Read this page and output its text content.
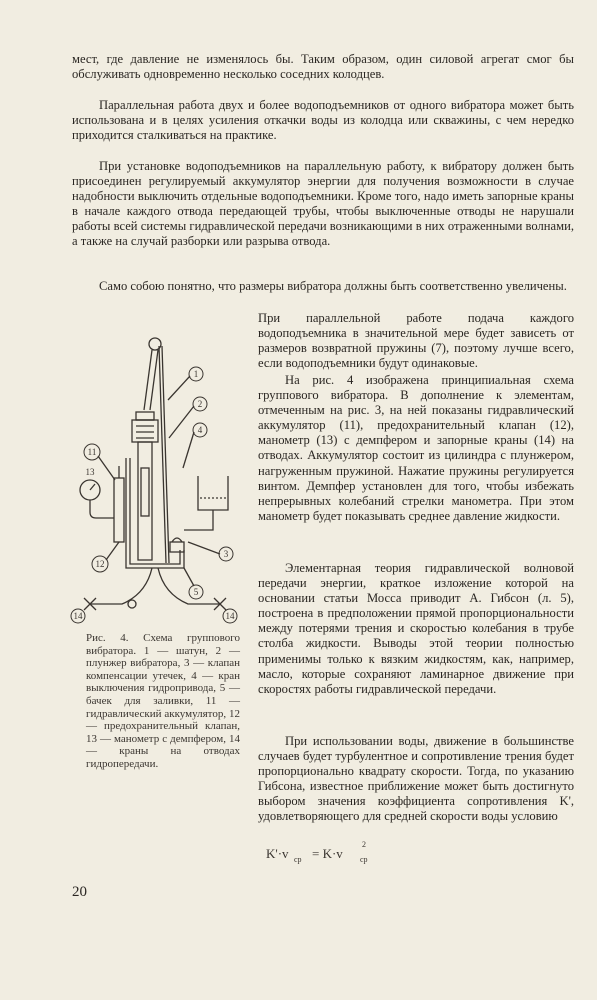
мест, где давление не изменялось бы. Таким образом, один силовой агрегат смог бы обслуживать одновременно несколько соседних колодцев.

Параллельная работа двух и более водоподъемников от одного вибратора может быть использована и в целях усиления откачки воды из колодца или скважины, с чем нередко приходится сталкиваться на практике.

При установке водоподъемников на параллельную работу, к вибратору должен быть присоединен регулируемый аккумулятор энергии для получения возможности в случае надобности выключить отдельные водоподъемники. Кроме того, надо иметь запорные краны в начале каждого отвода передающей трубы, чтобы выключенные отводы не нарушали работы всей системы гидравлической передачи возникающими в них отраженными волнами, а также на случай разборки или разрыва отвода.

Само собою понятно, что размеры вибратора должны быть соответственно увеличены.

При параллельной работе подача каждого водоподъемника в значительной мере будет зависеть от размеров возвратной пружины (7), поэтому лучше всего, если водоподъемники будут одинаковые.

1
2
4
11
12
5
3
14	14
13
Рис. 4. Схема группового вибратора. 1 — шатун, 2 — плунжер вибратора, 3 — клапан компенсации утечек, 4 — кран выключения гидропривода, 5 — бачек для заливки, 11 — гидравлический аккумулятор, 12 — предохранительный клапан, 13 — манометр с демпфером, 14 — краны на отводах гидропередачи.

На рис. 4 изображена принципиальная схема группового вибратора. В дополнение к элементам, отмеченным на рис. 3, на ней показаны гидравлический аккумулятор (11), предохранительный клапан (12), манометр (13) с демпфером и запорные краны (14) на отводах. Аккумулятор состоит из цилиндра с плунжером, нагруженным пружиной. Нажатие пружины регулируется винтом. Демпфер установлен для того, чтобы избежать непрерывных колебаний стрелки манометра. При этом манометр будет показывать среднее давление жидкости.

Элементарная теория гидравлической волновой передачи энергии, краткое изложение которой на основании статьи Мосса приводит А. Гибсон (л. 5), построена в предположении прямой пропорциональности между потерями трения и скоростью колебания в трубе столба жидкости. Выводы этой теории полностью применимы только к вязким жидкостям, как, например, масло, которые сохраняют ламинарное движение при скоростях работы гидравлической передачи.

При использовании воды, движение в большинстве случаев будет турбулентное и сопротивление трения будет пропорционально квадрату скорости. Тогда, по указанию Гибсона, известное приближение может быть достигнуто выбором значения коэффициента сопротивления K', удовлетворяющего для средней скорости воды условию

K'·v ср = K·v
2
ср
20
